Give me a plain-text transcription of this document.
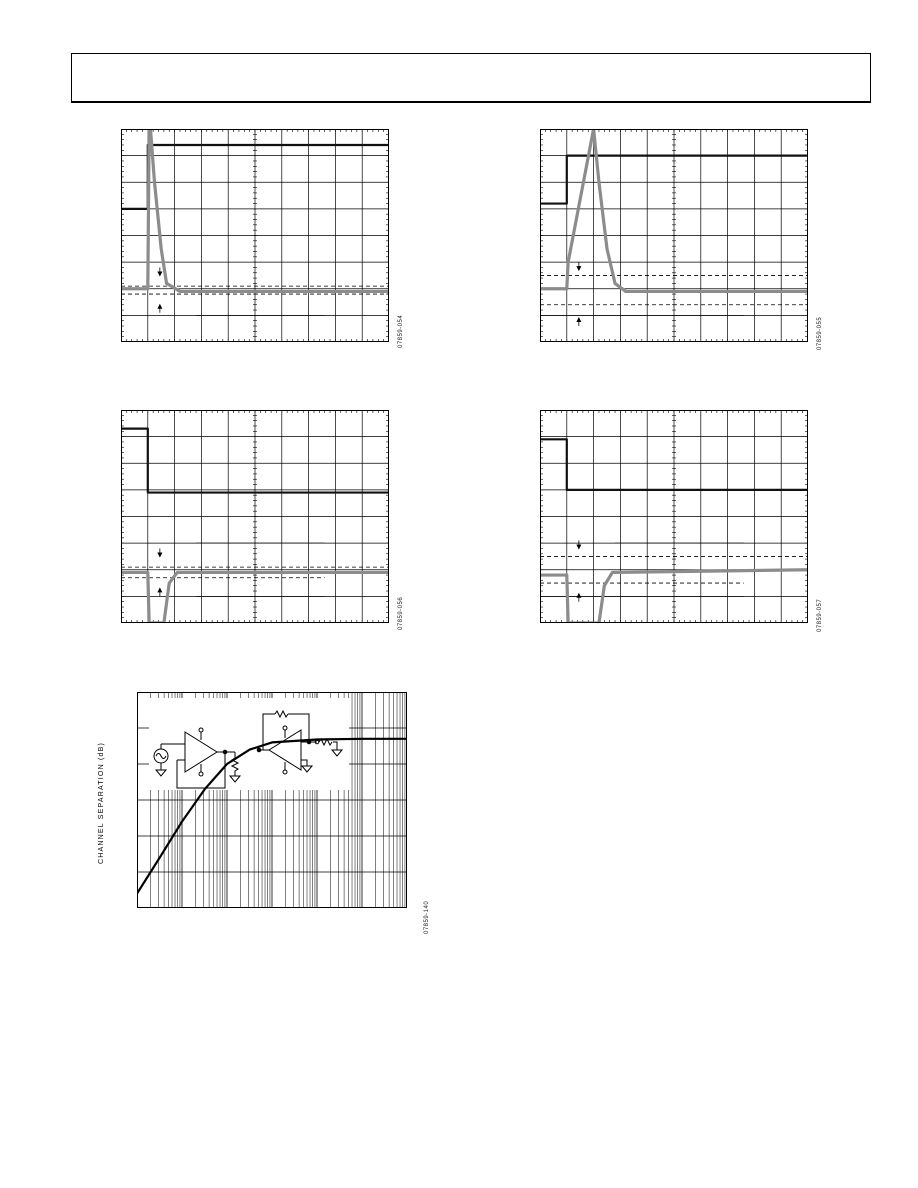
CHANNEL SEPARATION (dB)
07859-054	07859-055
07859-056	07859-057
07859-140
